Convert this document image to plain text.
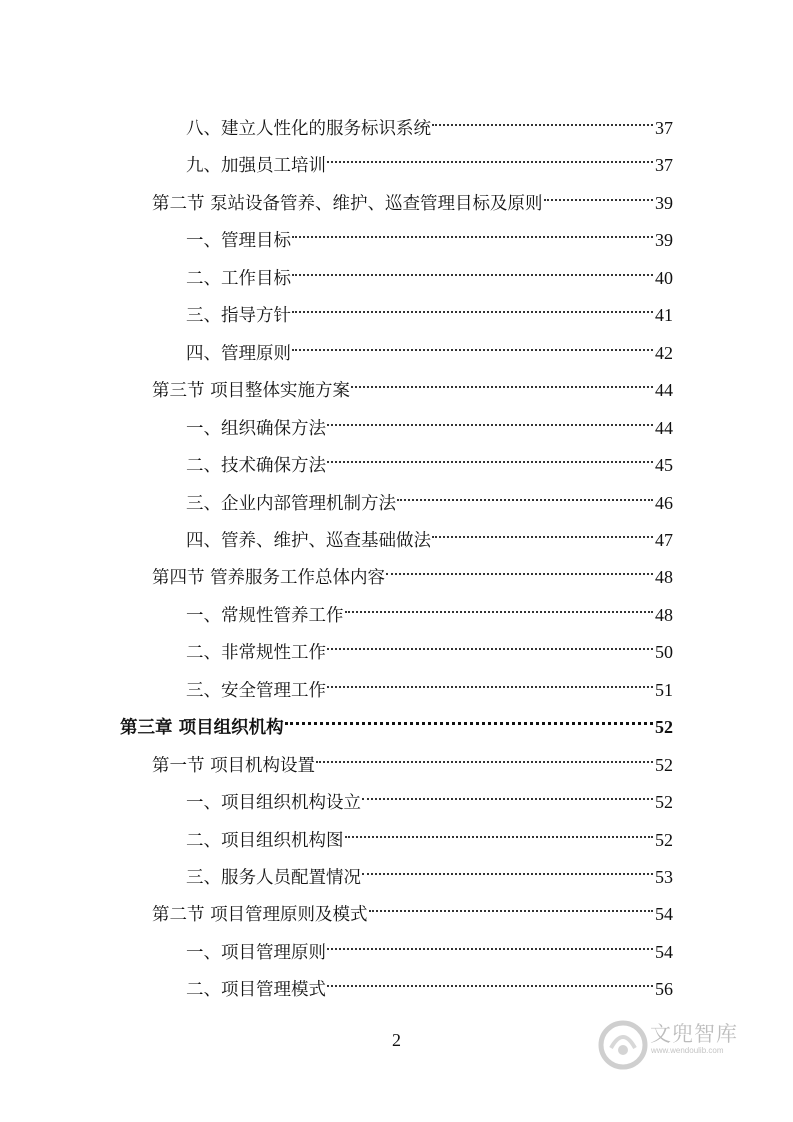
八、建立人性化的服务标识系统	37
九、加强员工培训	37
第二节 泵站设备管养、维护、巡查管理目标及原则	39
一、管理目标	39
二、工作目标	40
三、指导方针	41
四、管理原则	42
第三节 项目整体实施方案	44
一、组织确保方法	44
二、技术确保方法	45
三、企业内部管理机制方法	46
四、管养、维护、巡查基础做法	47
第四节 管养服务工作总体内容	48
一、常规性管养工作	48
二、非常规性工作	50
三、安全管理工作	51
第三章 项目组织机构	52
第一节 项目机构设置	52
一、项目组织机构设立	52
二、项目组织机构图	52
三、服务人员配置情况	53
第二节 项目管理原则及模式	54
一、项目管理原则	54
二、项目管理模式	56
2	文兜智库
www.wendoulib.com
